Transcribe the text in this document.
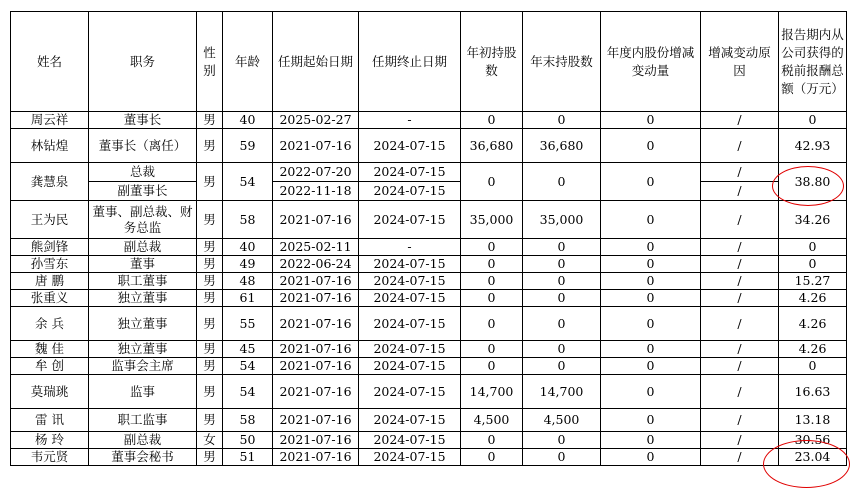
姓名	职务	性别	年龄	任期起始日期	任期终止日期	年初持股数	年末持股数	年度内股份增减变动量	增减变动原因	报告期内从公司获得的税前报酬总额（万元）
周云祥	董事长	男	40	2025-02-27	-	0	0	0	/	0
林钻煌	董事长（离任）	男	59	2021-07-16	2024-07-15	36,680	36,680	0	/	42.93
龚慧泉	总裁	男	54	2022-07-20	2024-07-15	0	0	0	/	38.80
	副董事长			2022-11-18	2024-07-15				/	
王为民	董事、副总裁、财务总监	男	58	2021-07-16	2024-07-15	35,000	35,000	0	/	34.26
熊剑锋	副总裁	男	40	2025-02-11	-	0	0	0	/	0
孙雪东	董事	男	49	2022-06-24	2024-07-15	0	0	0	/	0
唐 鹏	职工董事	男	48	2021-07-16	2024-07-15	0	0	0	/	15.27
张重义	独立董事	男	61	2021-07-16	2024-07-15	0	0	0	/	4.26
余 兵	独立董事	男	55	2021-07-16	2024-07-15	0	0	0	/	4.26
魏 佳	独立董事	男	45	2021-07-16	2024-07-15	0	0	0	/	4.26
牟 创	监事会主席	男	54	2021-07-16	2024-07-15	0	0	0	/	0
莫瑞珧	监事	男	54	2021-07-16	2024-07-15	14,700	14,700	0	/	16.63
雷 讯	职工监事	男	58	2021-07-16	2024-07-15	4,500	4,500	0	/	13.18
杨 玲	副总裁	女	50	2021-07-16	2024-07-15	0	0	0	/	30.56
韦元贤	董事会秘书	男	51	2021-07-16	2024-07-15	0	0	0	/	23.04
